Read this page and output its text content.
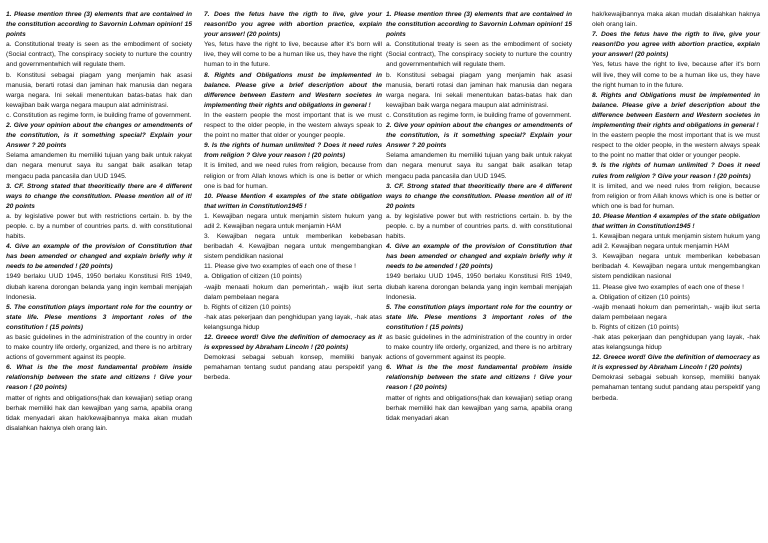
1. Please mention three (3) elements that are contained in the constitution according to Savornin Lohman opinion! 15 points

a. Constitutional treaty is seen as the embodiment of society (Social contract), The conspiracy society to nurture the country and governmentwhich will regulate them.

b. Konstitusi sebagai piagam yang menjamin hak asasi manusia, berarti rotasi dan jaminan hak manusia dan negara warga negara. Ini sekali menentukan batas-batas hak dan kewajiban baik warga negara maupun alat administrasi.

c. Constitution as regime form, ie building frame of government.

2. Give your opinion about the changes or amendments of the constitution, is it something special? Explain your Answer ? 20 points

Selama amandemen itu memiliki tujuan yang baik untuk rakyat dan negara menurut saya itu sangat baik asalkan tetap mengacu pada pancasila dan UUD 1945.

3. CF. Strong stated that theoritically there are 4 different ways to change the constitution. Please mention all of it! 20 points

a. by legislative power but with restrictions certain. b. by the people. c. by a number of countries parts. d. with constitutional habits.

4. Give an example of the provision of Constitution that has been amended or changed and explain briefly why it needs to be amended ! (20 points)

1949 berlaku UUD 1945, 1950 berlaku Konstitusi RIS 1949, diubah karena dorongan belanda yang ingin kembali menjajah Indonesia.

5. The constitution plays important role for the country or state life. Plese mentions 3 important roles of the constitution ! (15 points)

as basic guidelines in the administration of the country in order to make country life orderly, organized, and there is no arbitrary actions of government against its people.

6. What is the the most fundamental problem inside relationship between the state and citizens ! Give your reason ! (20 points)

matter of rights and obligations(hak dan kewajian) setiap orang berhak memiliki hak dan kewajiban yang sama, apabila orang tidak menyadari akan hak/kewajibannya maka akan mudah disalahkan haknya oleh orang lain.

7. Does the fetus have the rigth to live, give your reason!Do you agree with abortion practice, explain your answer! (20 points)

Yes, fetus have the right to live, because after it's born will live, they will come to be a human like us, they have the right human to in the future.

8. Rights and Obligations must be implemented in balance. Please give a brief description about the difference between Eastern and Western societes in implementing their rights and obligations in general !

In the eastern people the most important that is we must respect to the older people, in the western always speak to the point no matter that older or younger people.

9. Is the rights of human unlimited ? Does it need rules from religion ? Give your reason ! (20 points)

It is limited, and we need rules from religion, because from religion or from Allah knows which is one is better or which one is bad for human.

10. Please Mention 4 examples of the state obligation that written in Constitution1945 !

1. Kewajiban negara untuk menjamin sistem hukum yang adil 2. Kewajiban negara untuk menjamin HAM

3. Kewajiban negara untuk memberikan kebebasan beribadah 4. Kewajiban negara untuk mengembangkan sistem pendidikan nasional

11. Please give two examples of each one of these !

a. Obligation of citizen (10 points)

-wajib menaati hokum dan pemerintah,- wajib ikut serta dalam pembelaan negara

b. Rights of citizen (10 points)

-hak atas pekerjaan dan penghidupan yang layak, -hak atas kelangsunga hidup

12. Greece word! Give the definition of democracy as it is expressed by Abraham Lincoln ! (20 points)

Demokrasi sebagai sebuah konsep, memiliki banyak pemahaman tentang sudut pandang atau perspektif yang berbeda.

1. Please mention three (3) elements that are contained in the constitution according to Savornin Lohman opinion! 15 points

a. Constitutional treaty is seen as the embodiment of society (Social contract), The conspiracy society to nurture the country and governmentwhich will regulate them.

b. Konstitusi sebagai piagam yang menjamin hak asasi manusia, berarti rotasi dan jaminan hak manusia dan negara warga negara. Ini sekali menentukan batas-batas hak dan kewajiban baik warga negara maupun alat administrasi.

c. Constitution as regime form, ie building frame of government.

2. Give your opinion about the changes or amendments of the constitution, is it something special? Explain your Answer ? 20 points

Selama amandemen itu memiliki tujuan yang baik untuk rakyat dan negara menurut saya itu sangat baik asalkan tetap mengacu pada pancasila dan UUD 1945.

3. CF. Strong stated that theoritically there are 4 different ways to change the constitution. Please mention all of it! 20 points

a. by legislative power but with restrictions certain. b. by the people. c. by a number of countries parts. d. with constitutional habits.

4. Give an example of the provision of Constitution that has been amended or changed and explain briefly why it needs to be amended ! (20 points)

1949 berlaku UUD 1945, 1950 berlaku Konstitusi RIS 1949, diubah karena dorongan belanda yang ingin kembali menjajah Indonesia.

5. The constitution plays important role for the country or state life. Plese mentions 3 important roles of the constitution ! (15 points)

as basic guidelines in the administration of the country in order to make country life orderly, organized, and there is no arbitrary actions of government against its people.

6. What is the the most fundamental problem inside relationship between the state and citizens ! Give your reason ! (20 points)

matter of rights and obligations(hak dan kewajian) setiap orang berhak memiliki hak dan kewajiban yang sama, apabila orang tidak menyadari akan

hak/kewajibannya maka akan mudah disalahkan haknya oleh orang lain.

7. Does the fetus have the rigth to live, give your reason!Do you agree with abortion practice, explain your answer! (20 points)

Yes, fetus have the right to live, because after it's born will live, they will come to be a human like us, they have the right human to in the future.

8. Rights and Obligations must be implemented in balance. Please give a brief description about the difference between Eastern and Western societes in implementing their rights and obligations in general !

In the eastern people the most important that is we must respect to the older people, in the western always speak to the point no matter that older or younger people.

9. Is the rights of human unlimited ? Does it need rules from religion ? Give your reason ! (20 points)

It is limited, and we need rules from religion, because from religion or from Allah knows which is one is better or which one is bad for human.

10. Please Mention 4 examples of the state obligation that written in Constitution1945 !

1. Kewajiban negara untuk menjamin sistem hukum yang adil 2. Kewajiban negara untuk menjamin HAM

3. Kewajiban negara untuk memberikan kebebasan beribadah 4. Kewajiban negara untuk mengembangkan sistem pendidikan nasional

11. Please give two examples of each one of these !

a. Obligation of citizen (10 points)

-wajib menaati hokum dan pemerintah,- wajib ikut serta dalam pembelaan negara

b. Rights of citizen (10 points)

-hak atas pekerjaan dan penghidupan yang layak, -hak atas kelangsunga hidup

12. Greece word! Give the definition of democracy as it is expressed by Abraham Lincoln ! (20 points)

Demokrasi sebagai sebuah konsep, memiliki banyak pemahaman tentang sudut pandang atau perspektif yang berbeda.
